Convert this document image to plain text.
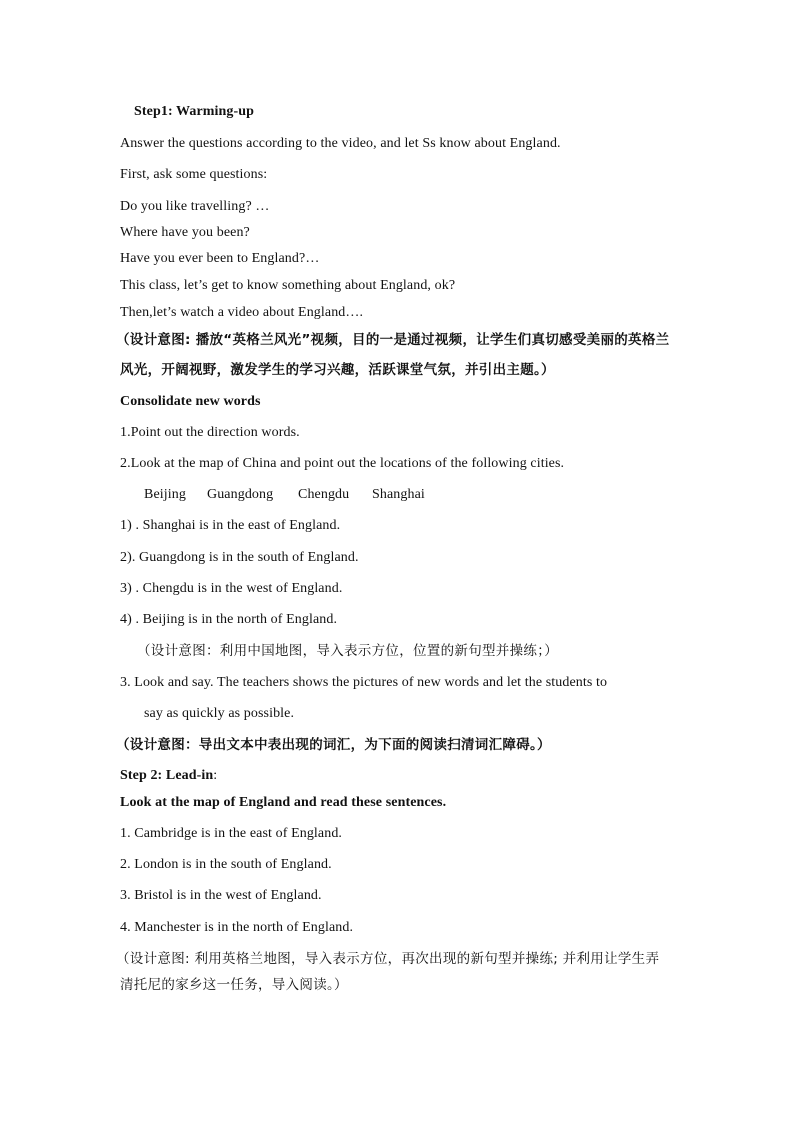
Step1: Warming-up
Answer the questions according to the video, and let Ss know about England.
First, ask some questions:
Do you like travelling? …
Where have you been?
Have you ever been to England?…
This class, let’s get to know something about England, ok?
Then,let’s watch a video about England….
（设计意图: 播放“英格兰风光”视频，目的一是通过视频，让学生们真切感受美丽的英格兰
风光，开阔视野，激发学生的学习兴趣，活跃课堂气氛，并引出主题。）
Consolidate new words
1.Point out the direction words.
2.Look at the map of China and point out the locations of the following cities.
Beijing Guangdong Chengdu Shanghai
1) . Shanghai is in the east of England.
2). Guangdong is in the south of England.
3) . Chengdu is in the west of England.
4) . Beijing is in the north of England.
（设计意图：利用中国地图，导入表示方位，位置的新句型并操练；）
3. Look and say. The teachers shows the pictures of new words and let the students to
say as quickly as possible.
（设计意图：导出文本中表出现的词汇，为下面的阅读扫清词汇障碍。）
Step 2: Lead-in:
Look at the map of England and read these sentences.
1. Cambridge is in the east of England.
2. London is in the south of England.
3. Bristol is in the west of England.
4. Manchester is in the north of England.
（设计意图: 利用英格兰地图，导入表示方位，再次出现的新句型并操练; 并利用让学生弄
清托尼的家乡这一任务，导入阅读。）
